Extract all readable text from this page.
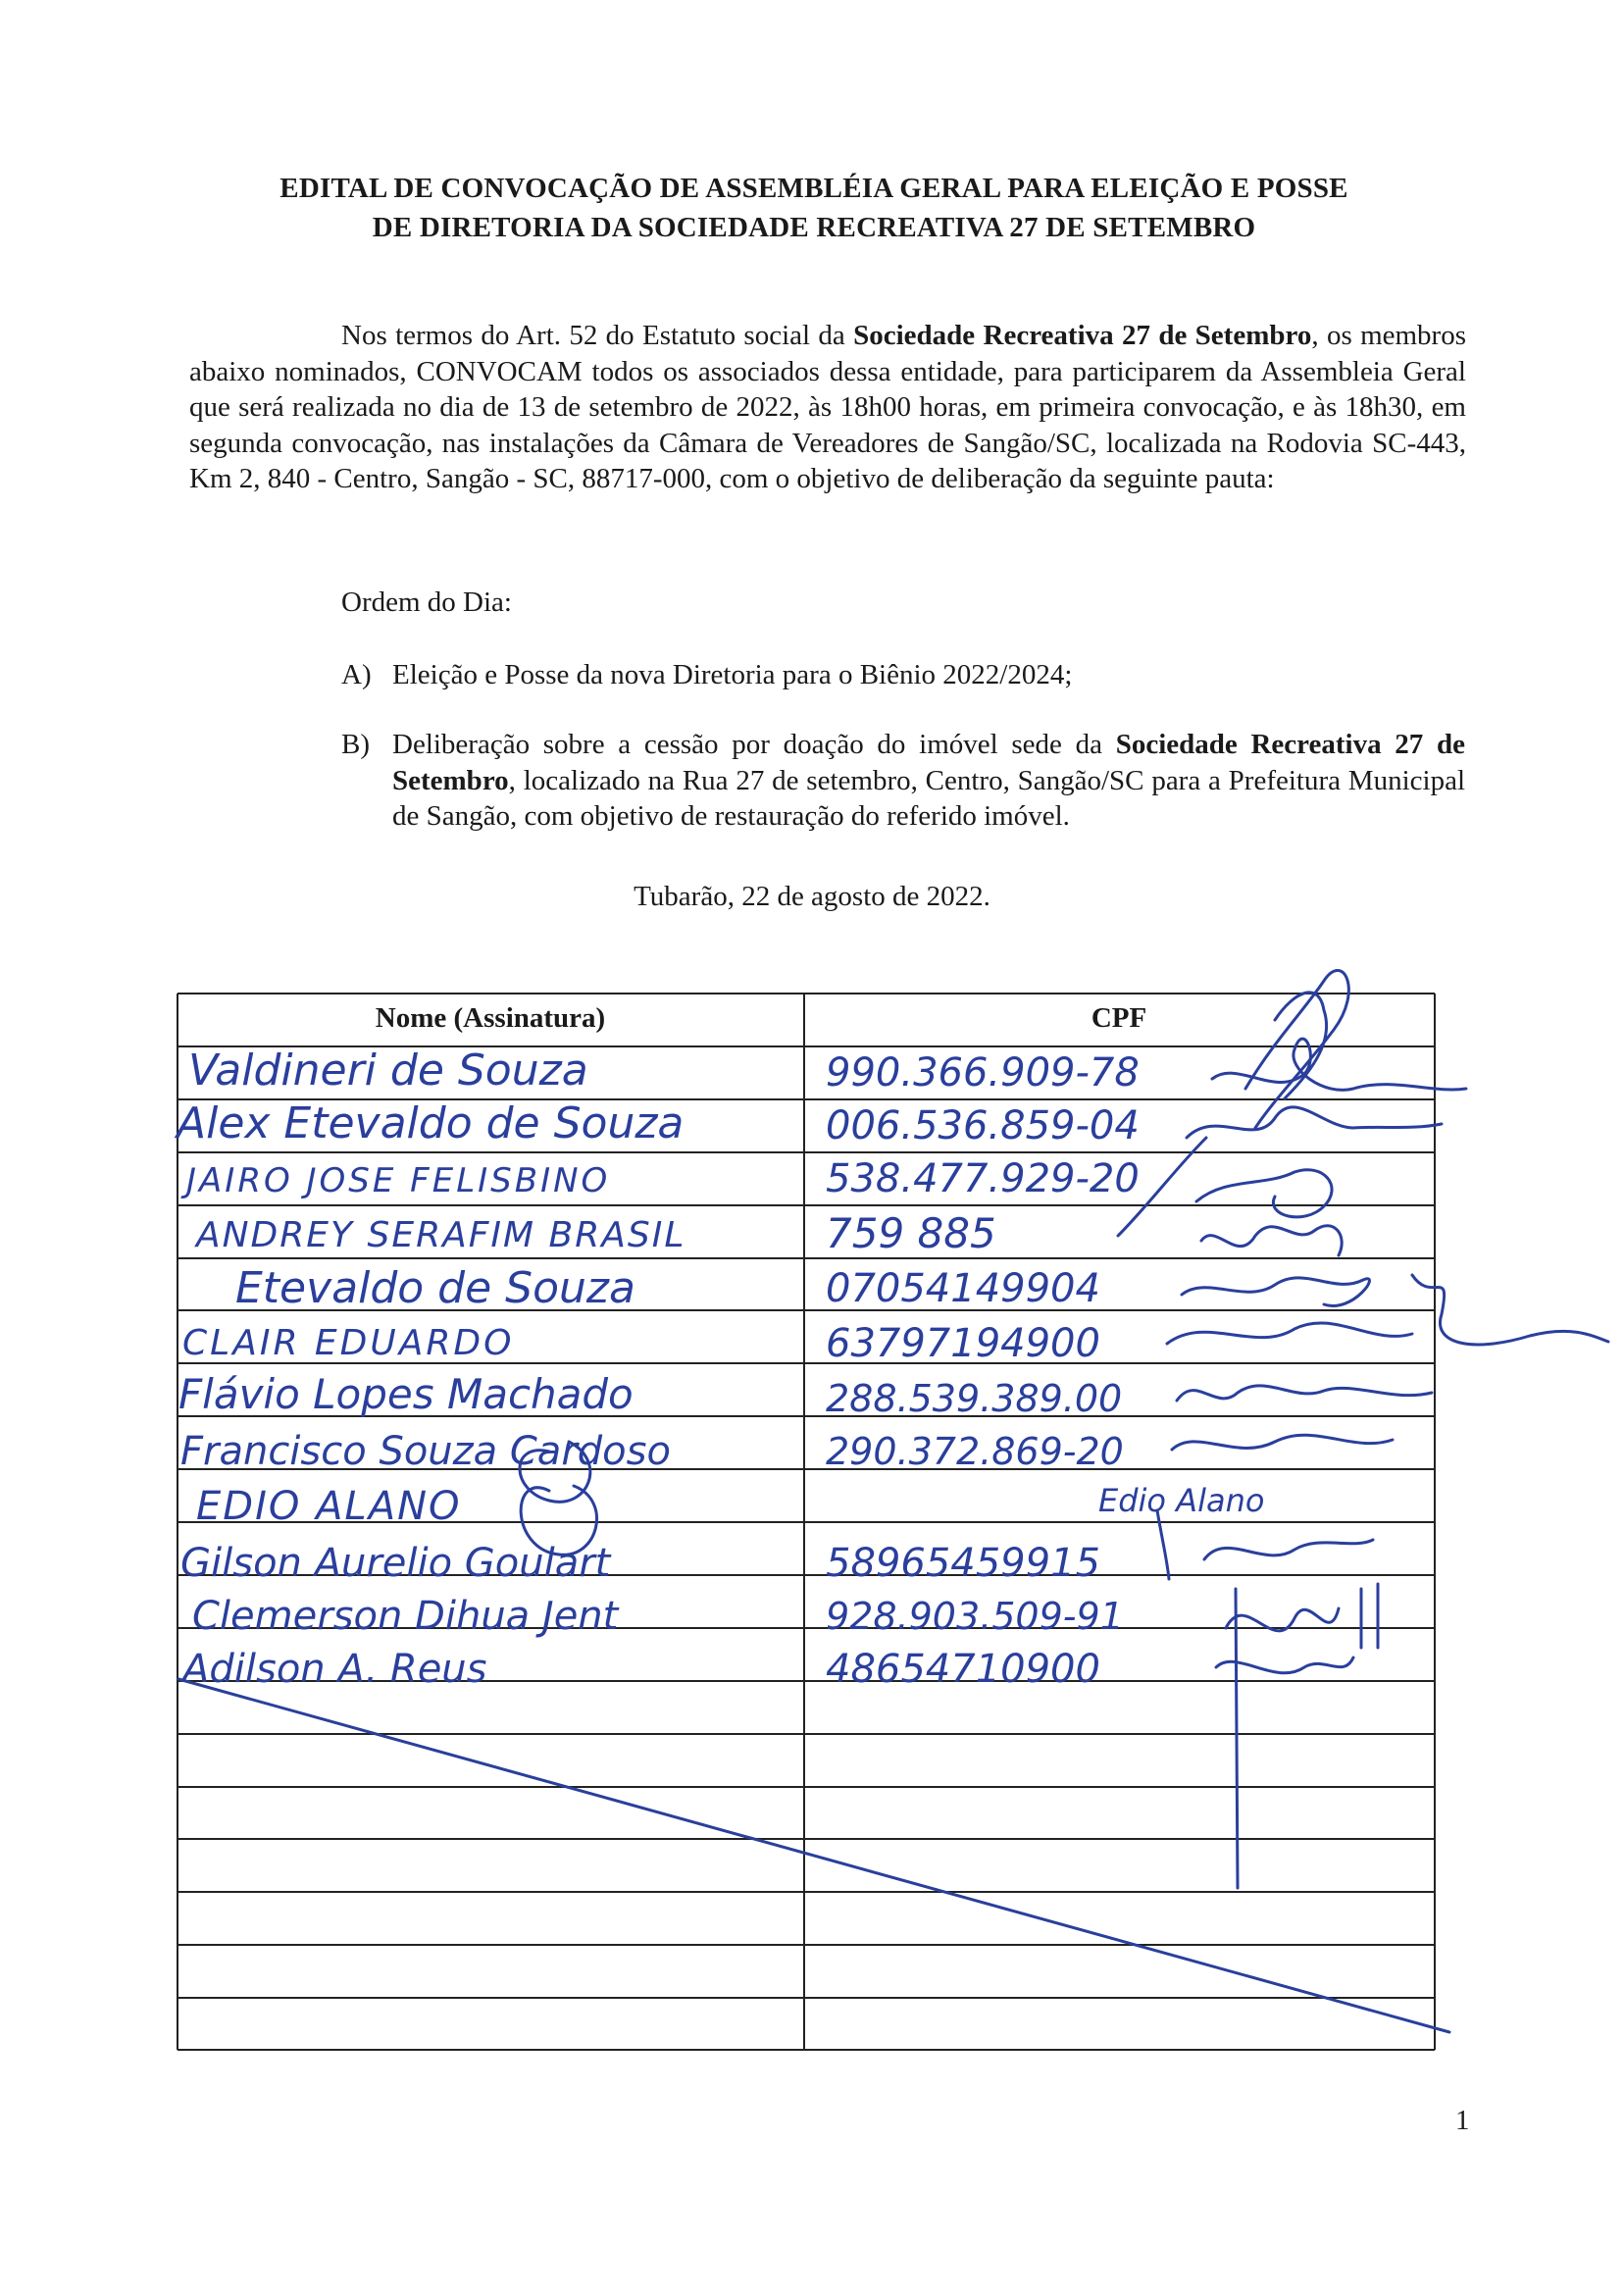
EDITAL DE CONVOCAÇÃO DE ASSEMBLÉIA GERAL PARA ELEIÇÃO E POSSE
DE DIRETORIA DA SOCIEDADE RECREATIVA 27 DE SETEMBRO
Nos termos do Art. 52 do Estatuto social da Sociedade Recreativa 27 de Setembro, os membros abaixo nominados, CONVOCAM todos os associados dessa entidade, para participarem da Assembleia Geral que será realizada no dia de 13 de setembro de 2022, às 18h00 horas, em primeira convocação, e às 18h30, em segunda convocação, nas instalações da Câmara de Vereadores de Sangão/SC, localizada na Rodovia SC-443, Km 2, 840 - Centro, Sangão - SC, 88717-000, com o objetivo de deliberação da seguinte pauta:
Ordem do Dia:
A) Eleição e Posse da nova Diretoria para o Biênio 2022/2024;
B) Deliberação sobre a cessão por doação do imóvel sede da Sociedade Recreativa 27 de Setembro, localizado na Rua 27 de setembro, Centro, Sangão/SC para a Prefeitura Municipal de Sangão, com objetivo de restauração do referido imóvel.
Tubarão, 22 de agosto de 2022.
Nome (Assinatura)	CPF
Valdineri de Souza	990.366.909-78
Alex Etevaldo de Souza	006.536.859-04
JAIRO JOSE FELISBINO	538.477.929-20
ANDREY SERAFIM BRASIL	759 885
Etevaldo de Souza	07054149904
CLAIR EDUARDO	63797194900
Flávio Lopes Machado	288.539.389.00
Francisco Souza Cardoso	290.372.869-20
EDIO ALANO	Edio Alano
Gilson Aurelio Goulart	58965459915
Clemerson Dihua Jent	928.903.509-91
Adilson A. Reus	48654710900
1
